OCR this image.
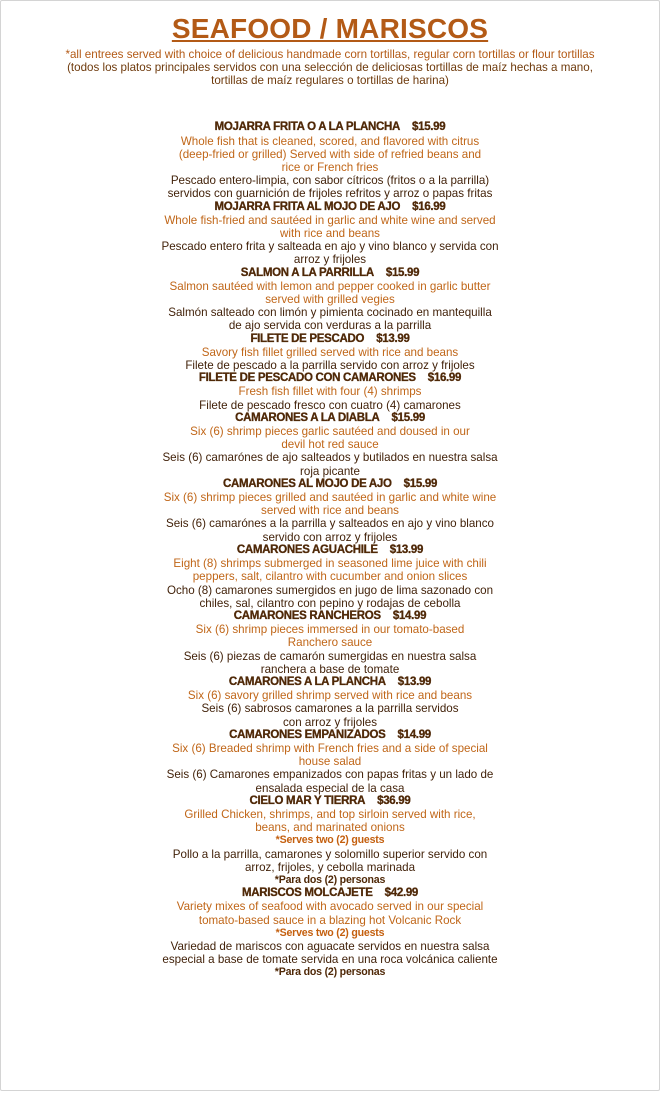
SEAFOOD / MARISCOS

*all entrees served with choice of delicious handmade corn tortillas, regular corn tortillas or flour tortillas

(todos los platos principales servidos con una selección de deliciosas tortillas de maíz hechas a mano,
tortillas de maíz regulares o tortillas de harina)

MOJARRA FRITA O A LA PLANCHA $15.99
Whole fish that is cleaned, scored, and flavored with citrus
(deep-fried or grilled) Served with side of refried beans and
rice or French fries
Pescado entero-limpia, con sabor cítricos (fritos o a la parrilla)
servidos con guarnición de frijoles refritos y arroz o papas fritas
MOJARRA FRITA AL MOJO DE AJO $16.99
Whole fish-fried and sautéed in garlic and white wine and served
with rice and beans
Pescado entero frita y salteada en ajo y vino blanco y servida con
arroz y frijoles
SALMON A LA PARRILLA $15.99
Salmon sautéed with lemon and pepper cooked in garlic butter
served with grilled vegies
Salmón salteado con limón y pimienta cocinado en mantequilla
de ajo servida con verduras a la parrilla
FILETE DE PESCADO $13.99
Savory fish fillet grilled served with rice and beans
Filete de pescado a la parrilla servido con arroz y frijoles
FILETE DE PESCADO CON CAMARONES $16.99
Fresh fish fillet with four (4) shrimps
Filete de pescado fresco con cuatro (4) camarones
CAMARONES A LA DIABLA $15.99
Six (6) shrimp pieces garlic sautéed and doused in our
devil hot red sauce
Seis (6) camarónes de ajo salteados y butilados en nuestra salsa
roja picante
CAMARONES AL MOJO DE AJO $15.99
Six (6) shrimp pieces grilled and sautéed in garlic and white wine
served with rice and beans
Seis (6) camarónes a la parrilla y salteados en ajo y vino blanco
servido con arroz y frijoles
CAMARONES AGUACHILE $13.99
Eight (8) shrimps submerged in seasoned lime juice with chili
peppers, salt, cilantro with cucumber and onion slices
Ocho (8) camarones sumergidos en jugo de lima sazonado con
chiles, sal, cilantro con pepino y rodajas de cebolla
CAMARONES RANCHEROS $14.99
Six (6) shrimp pieces immersed in our tomato-based
Ranchero sauce
Seis (6) piezas de camarón sumergidas en nuestra salsa
ranchera a base de tomate
CAMARONES A LA PLANCHA $13.99
Six (6) savory grilled shrimp served with rice and beans
Seis (6) sabrosos camarones a la parrilla servidos
con arroz y frijoles
CAMARONES EMPANIZADOS $14.99
Six (6) Breaded shrimp with French fries and a side of special
house salad
Seis (6) Camarones empanizados con papas fritas y un lado de
ensalada especial de la casa
CIELO MAR Y TIERRA $36.99
Grilled Chicken, shrimps, and top sirloin served with rice,
beans, and marinated onions
*Serves two (2) guests
Pollo a la parrilla, camarones y solomillo superior servido con
arroz, frijoles, y cebolla marinada
*Para dos (2) personas
MARISCOS MOLCAJETE $42.99
Variety mixes of seafood with avocado served in our special
tomato-based sauce in a blazing hot Volcanic Rock
*Serves two (2) guests
Variedad de mariscos con aguacate servidos en nuestra salsa
especial a base de tomate servida en una roca volcánica caliente
*Para dos (2) personas
